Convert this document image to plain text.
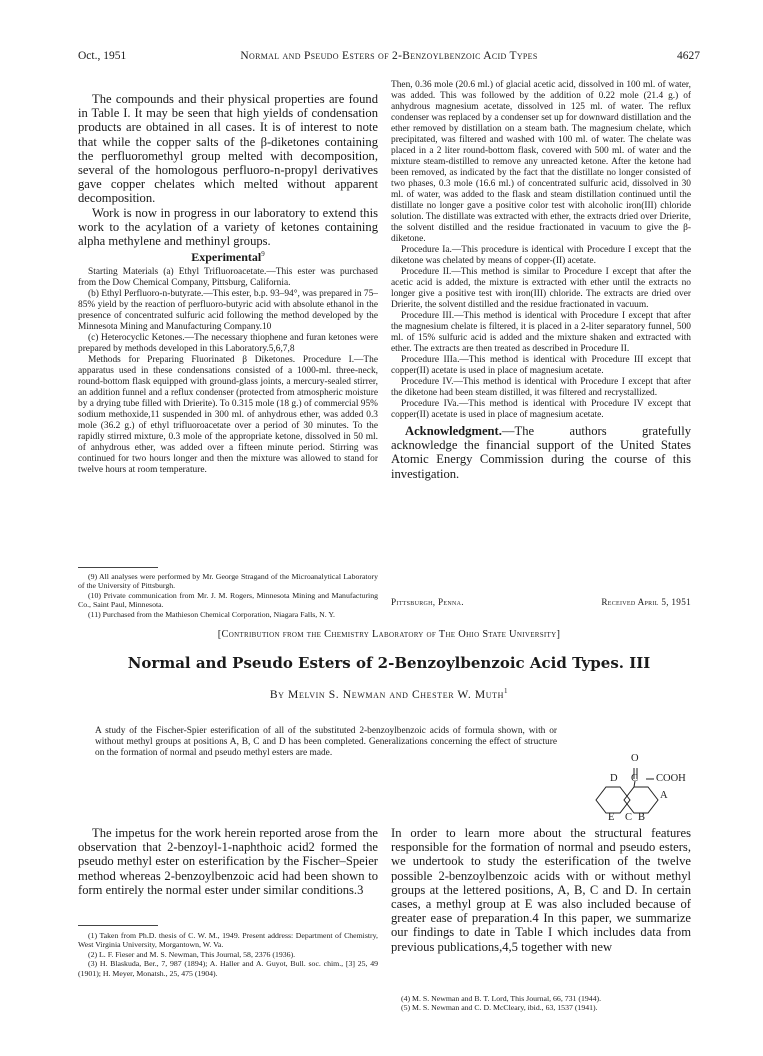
Oct., 1951	Normal and Pseudo Esters of 2-Benzoylbenzoic Acid Types	4627

The compounds and their physical properties are found in Table I. It may be seen that high yields of condensation products are obtained in all cases. It is of interest to note that while the copper salts of the β-diketones containing the perfluoromethyl group melted with decomposition, several of the homologous perfluoro-n-propyl derivatives gave copper chelates which melted without apparent decomposition.

Work is now in progress in our laboratory to extend this work to the acylation of a variety of ketones containing alpha methylene and methinyl groups.

Experimental$^9$

Starting Materials (a) Ethyl Trifluoroacetate.—This ester was purchased from the Dow Chemical Company, Pittsburg, California.

(b) Ethyl Perfluoro-n-butyrate.—This ester, b.p. 93–94°, was prepared in 75–85% yield by the reaction of perfluoro-butyric acid with absolute ethanol in the presence of concentrated sulfuric acid following the method developed by the Minnesota Mining and Manufacturing Company.10

(c) Heterocyclic Ketones.—The necessary thiophene and furan ketones were prepared by methods developed in this Laboratory.5,6,7,8

Methods for Preparing Fluorinated β Diketones. Procedure I.—The apparatus used in these condensations consisted of a 1000-ml. three-neck, round-bottom flask equipped with ground-glass joints, a mercury-sealed stirrer, an addition funnel and a reflux condenser (protected from atmospheric moisture by a drying tube filled with Drierite). To 0.315 mole (18 g.) of commercial 95% sodium methoxide,11 suspended in 300 ml. of anhydrous ether, was added 0.3 mole (36.2 g.) of ethyl trifluoroacetate over a period of 30 minutes. To the rapidly stirred mixture, 0.3 mole of the appropriate ketone, dissolved in 50 ml. of anhydrous ether, was added over a fifteen minute period. Stirring was continued for two hours longer and then the mixture was allowed to stand for twelve hours at room temperature.

(9) All analyses were performed by Mr. George Stragand of the Microanalytical Laboratory of the University of Pittsburgh.

(10) Private communication from Mr. J. M. Rogers, Minnesota Mining and Manufacturing Co., Saint Paul, Minnesota.

(11) Purchased from the Mathieson Chemical Corporation, Niagara Falls, N. Y.

Then, 0.36 mole (20.6 ml.) of glacial acetic acid, dissolved in 100 ml. of water, was added. This was followed by the addition of 0.22 mole (21.4 g.) of anhydrous magnesium acetate, dissolved in 125 ml. of water. The reflux condenser was replaced by a condenser set up for downward distillation and the ether removed by distillation on a steam bath. The magnesium chelate, which precipitated, was filtered and washed with 100 ml. of water. The chelate was placed in a 2 liter round-bottom flask, covered with 500 ml. of water and the mixture steam-distilled to remove any unreacted ketone. After the ketone had been removed, as indicated by the fact that the distillate no longer consisted of two phases, 0.3 mole (16.6 ml.) of concentrated sulfuric acid, dissolved in 30 ml. of water, was added to the flask and steam distillation continued until the distillate no longer gave a positive color test with alcoholic iron(III) chloride solution. The distillate was extracted with ether, the extracts dried over Drierite, the solvent distilled and the residue fractionated in vacuum to give the β-diketone.

Procedure Ia.—This procedure is identical with Procedure I except that the diketone was chelated by means of copper-(II) acetate.

Procedure II.—This method is similar to Procedure I except that after the acetic acid is added, the mixture is extracted with ether until the extracts no longer give a positive test with iron(III) chloride. The extracts are dried over Drierite, the solvent distilled and the residue fractionated in vacuum.

Procedure III.—This method is identical with Procedure I except that after the magnesium chelate is filtered, it is placed in a 2-liter separatory funnel, 500 ml. of 15% sulfuric acid is added and the mixture shaken and extracted with ether. The extracts are then treated as described in Procedure II.

Procedure IIIa.—This method is identical with Procedure III except that copper(II) acetate is used in place of magnesium acetate.

Procedure IV.—This method is identical with Procedure I except that after the diketone had been steam distilled, it was filtered and recrystallized.

Procedure IVa.—This method is identical with Procedure IV except that copper(II) acetate is used in place of magnesium acetate.

Acknowledgment.—The authors gratefully acknowledge the financial support of the United States Atomic Energy Commission during the course of this investigation.

Pittsburgh, Penna.	Received April 5, 1951
[Contribution from the Chemistry Laboratory of The Ohio State University]
Normal and Pseudo Esters of 2-Benzoylbenzoic Acid Types. III
By Melvin S. Newman and Chester W. Muth$^1$

A study of the Fischer-Spier esterification of all of the substituted 2-benzoylbenzoic acids of formula shown, with or without methyl groups at positions A, B, C and D has been completed. Generalizations concerning the effect of structure on the formation of normal and pseudo methyl esters are made.	O
D C COOH
A
E C B

The impetus for the work herein reported arose from the observation that 2-benzoyl-1-naphthoic acid2 formed the pseudo methyl ester on esterification by the Fischer–Speier method whereas 2-benzoylbenzoic acid had been shown to form entirely the normal ester under similar conditions.3

(1) Taken from Ph.D. thesis of C. W. M., 1949. Present address: Department of Chemistry, West Virginia University, Morgantown, W. Va.

(2) L. F. Fieser and M. S. Newman, This Journal, 58, 2376 (1936).

(3) H. Blaskuda, Ber., 7, 987 (1894); A. Haller and A. Guyot, Bull. soc. chim., [3] 25, 49 (1901); H. Meyer, Monatsh., 25, 475 (1904).

In order to learn more about the structural features responsible for the formation of normal and pseudo esters, we undertook to study the esterification of the twelve possible 2-benzoylbenzoic acids with or without methyl groups at the lettered positions, A, B, C and D. In certain cases, a methyl group at E was also included because of greater ease of preparation.4 In this paper, we summarize our findings to date in Table I which includes data from previous publications,4,5 together with new

(4) M. S. Newman and B. T. Lord, This Journal, 66, 731 (1944).

(5) M. S. Newman and C. D. McCleary, ibid., 63, 1537 (1941).
